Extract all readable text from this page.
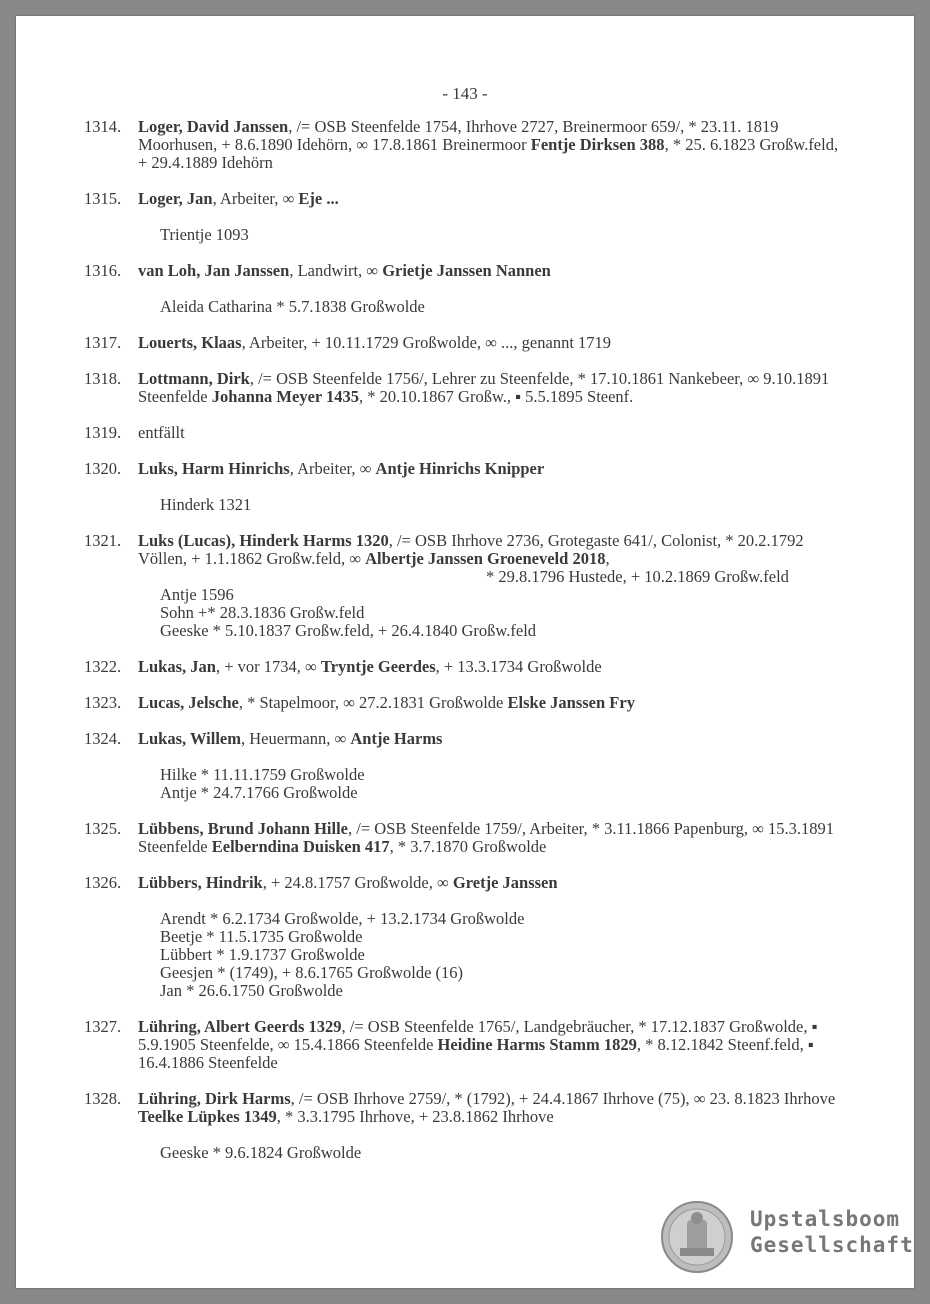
- 143 -
1314. Loger, David Janssen, /= OSB Steenfelde 1754, Ihrhove 2727, Breinermoor 659/, * 23.11. 1819 Moorhusen, + 8.6.1890 Idehörn, ∞ 17.8.1861 Breinermoor Fentje Dirksen 388, * 25. 6.1823 Großw.feld, + 29.4.1889 Idehörn
1315. Loger, Jan, Arbeiter, ∞ Eje ...
Trientje 1093
1316. van Loh, Jan Janssen, Landwirt, ∞ Grietje Janssen Nannen
Aleida Catharina * 5.7.1838 Großwolde
1317. Louerts, Klaas, Arbeiter, + 10.11.1729 Großwolde, ∞ ..., genannt 1719
1318. Lottmann, Dirk, /= OSB Steenfelde 1756/, Lehrer zu Steenfelde, * 17.10.1861 Nankebeer, ∞ 9.10.1891 Steenfelde Johanna Meyer 1435, * 20.10.1867 Großw., ▪ 5.5.1895 Steenf.
1319. entfällt
1320. Luks, Harm Hinrichs, Arbeiter, ∞ Antje Hinrichs Knipper
Hinderk 1321
1321. Luks (Lucas), Hinderk Harms 1320, /= OSB Ihrhove 2736, Grotegaste 641/, Colonist, * 20.2.1792 Völlen, + 1.1.1862 Großw.feld, ∞ Albertje Janssen Groeneveld 2018,
* 29.8.1796 Hustede, + 10.2.1869 Großw.feld
Antje 1596
Sohn +* 28.3.1836 Großw.feld
Geeske * 5.10.1837 Großw.feld, + 26.4.1840 Großw.feld
1322. Lukas, Jan, + vor 1734, ∞ Tryntje Geerdes, + 13.3.1734 Großwolde
1323. Lucas, Jelsche, * Stapelmoor, ∞ 27.2.1831 Großwolde Elske Janssen Fry
1324. Lukas, Willem, Heuermann, ∞ Antje Harms
Hilke * 11.11.1759 Großwolde
Antje * 24.7.1766 Großwolde
1325. Lübbens, Brund Johann Hille, /= OSB Steenfelde 1759/, Arbeiter, * 3.11.1866 Papenburg, ∞ 15.3.1891 Steenfelde Eelberndina Duisken 417, * 3.7.1870 Großwolde
1326. Lübbers, Hindrik, + 24.8.1757 Großwolde, ∞ Gretje Janssen
Arendt * 6.2.1734 Großwolde, + 13.2.1734 Großwolde
Beetje * 11.5.1735 Großwolde
Lübbert * 1.9.1737 Großwolde
Geesjen * (1749), + 8.6.1765 Großwolde (16)
Jan * 26.6.1750 Großwolde
1327. Lühring, Albert Geerds 1329, /= OSB Steenfelde 1765/, Landgebräucher, * 17.12.1837 Großwolde, ▪ 5.9.1905 Steenfelde, ∞ 15.4.1866 Steenfelde Heidine Harms Stamm 1829, * 8.12.1842 Steenf.feld, ▪ 16.4.1886 Steenfelde
1328. Lühring, Dirk Harms, /= OSB Ihrhove 2759/, * (1792), + 24.4.1867 Ihrhove (75), ∞ 23. 8.1823 Ihrhove Teelke Lüpkes 1349, * 3.3.1795 Ihrhove, + 23.8.1862 Ihrhove
Geeske * 9.6.1824 Großwolde
Upstalsboom
Gesellschaft
